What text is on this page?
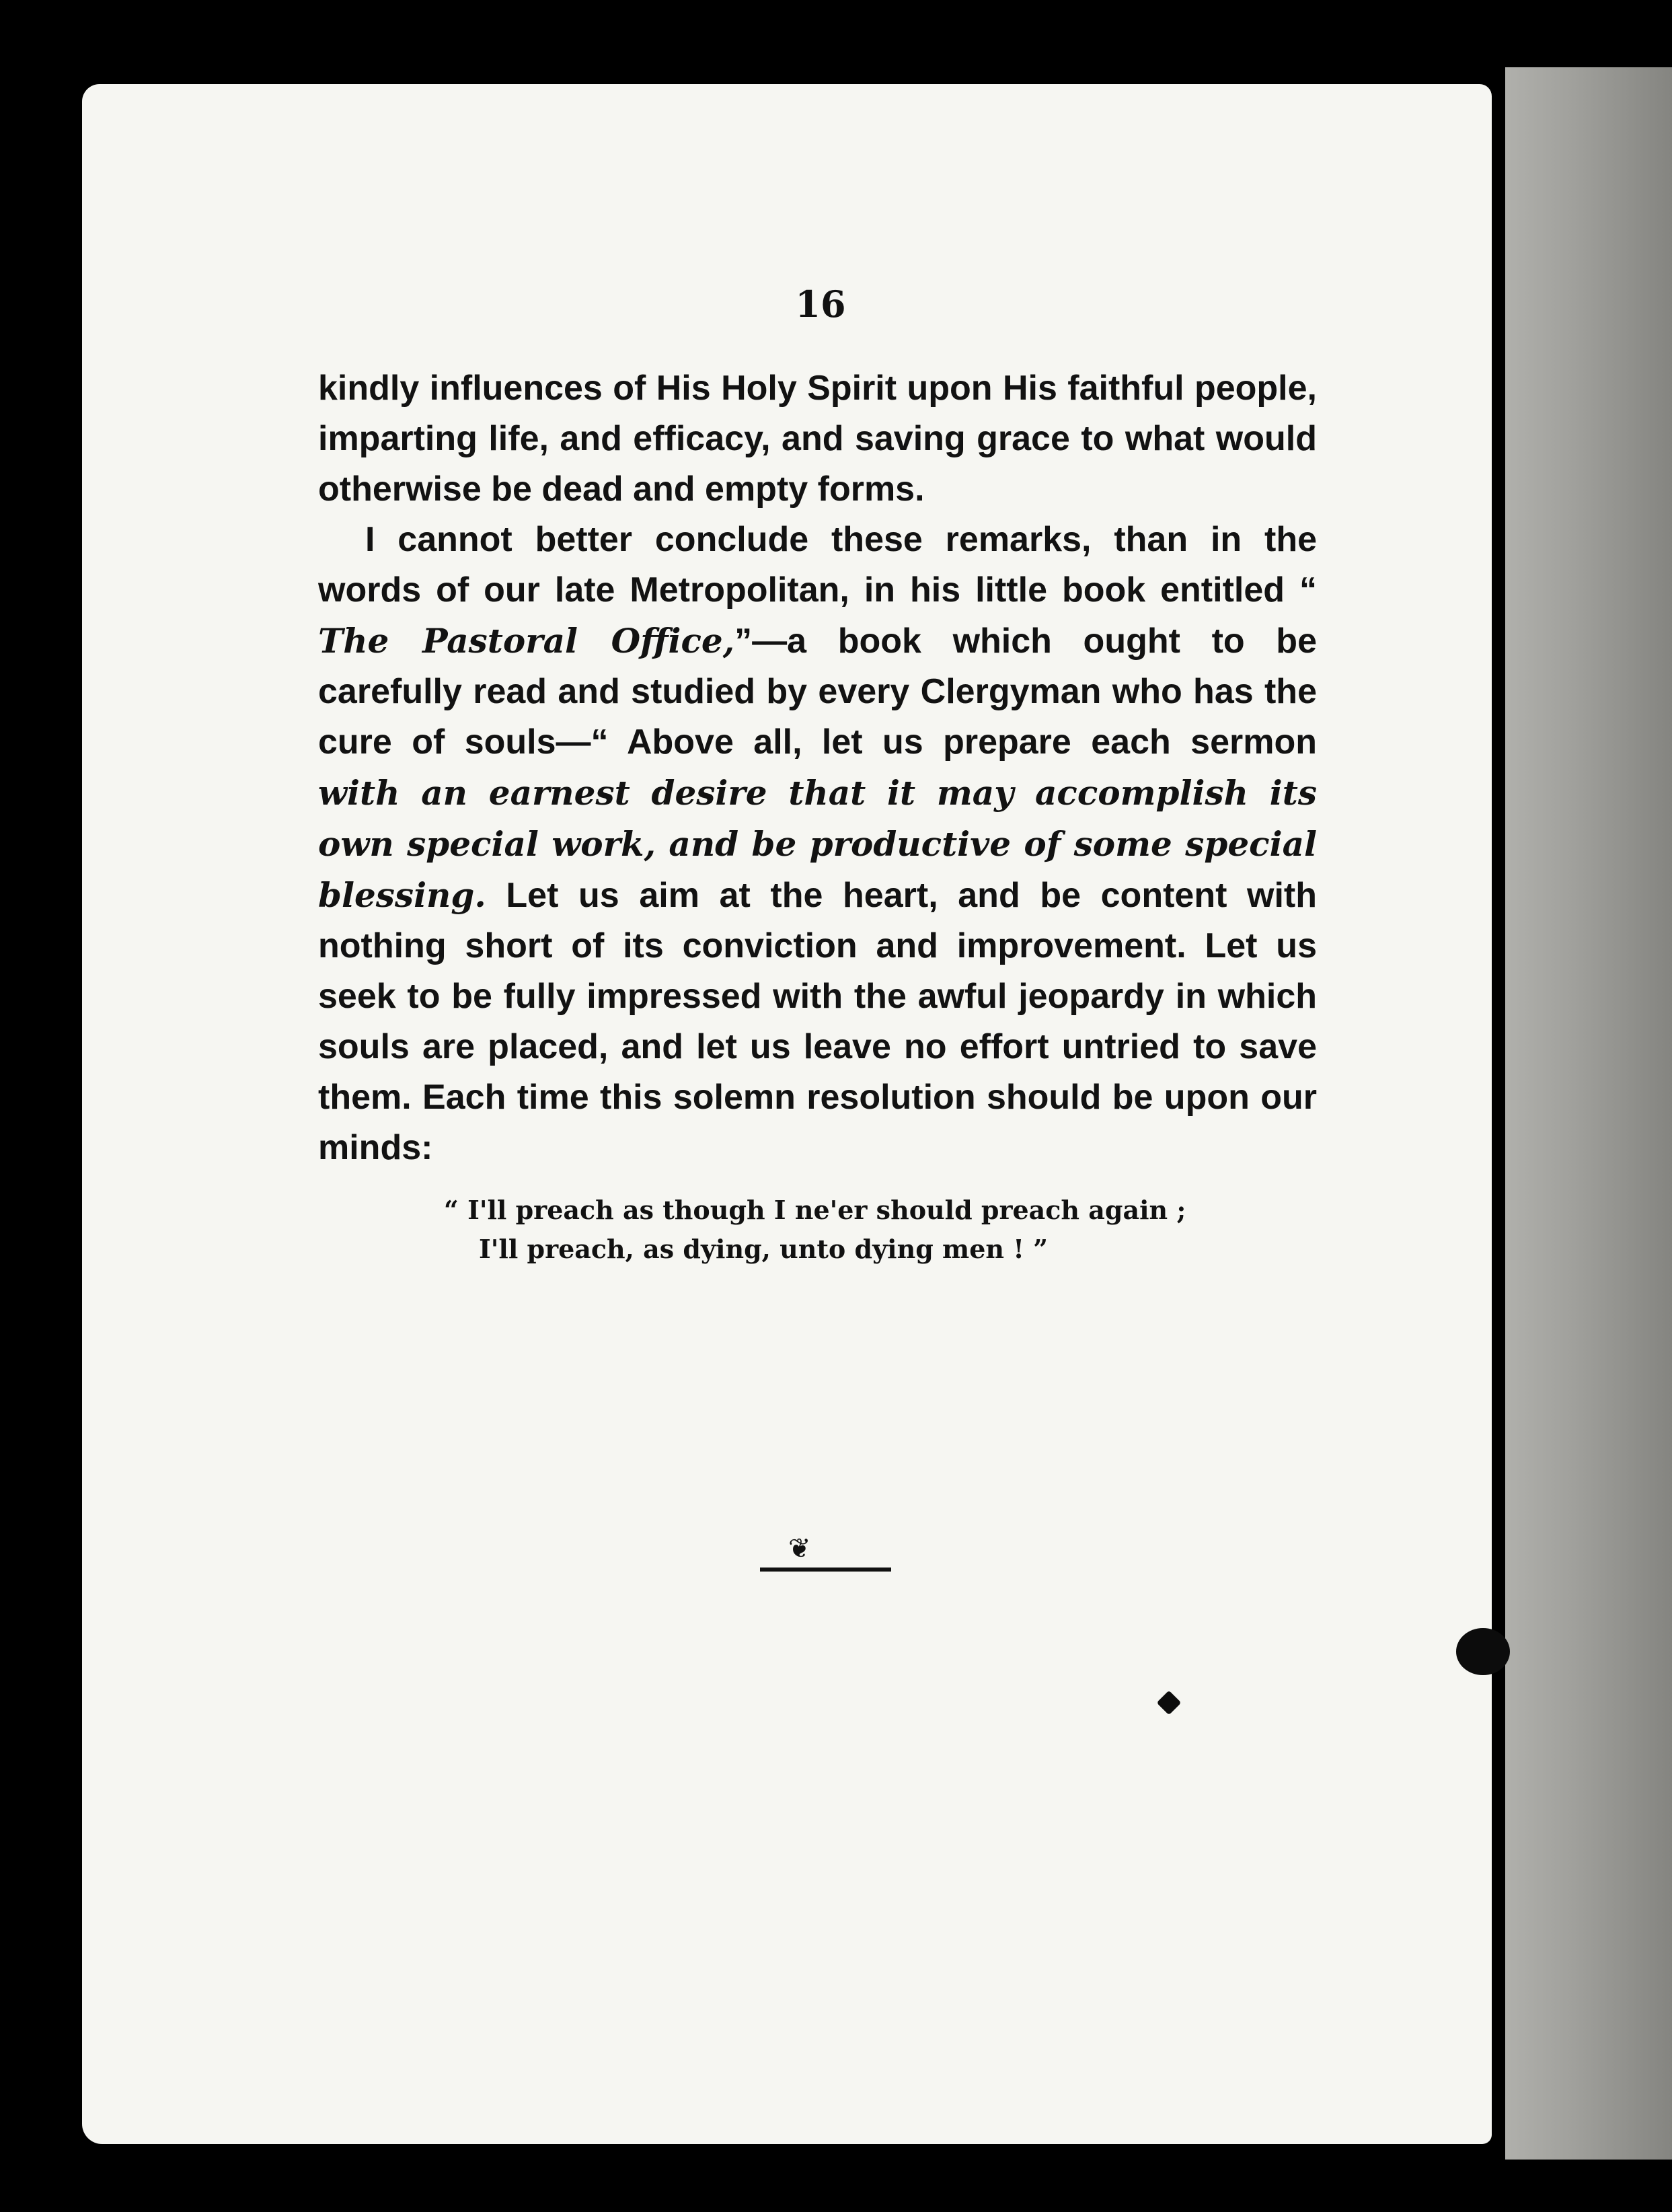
16

kindly influences of His Holy Spirit upon His faithful people, imparting life, and efficacy, and saving grace to what would otherwise be dead and empty forms.

I cannot better conclude these remarks, than in the words of our late Metropolitan, in his little book entitled “ The Pastoral Office,”—a book which ought to be carefully read and studied by every Clergyman who has the cure of souls—“ Above all, let us prepare each sermon with an earnest desire that it may accomplish its own special work, and be productive of some special blessing. Let us aim at the heart, and be content with nothing short of its conviction and improvement. Let us seek to be fully impressed with the awful jeopardy in which souls are placed, and let us leave no effort untried to save them. Each time this solemn resolution should be upon our minds:

“ I'll preach as though I ne'er should preach again ;
I'll preach, as dying, unto dying men ! ”
❦
